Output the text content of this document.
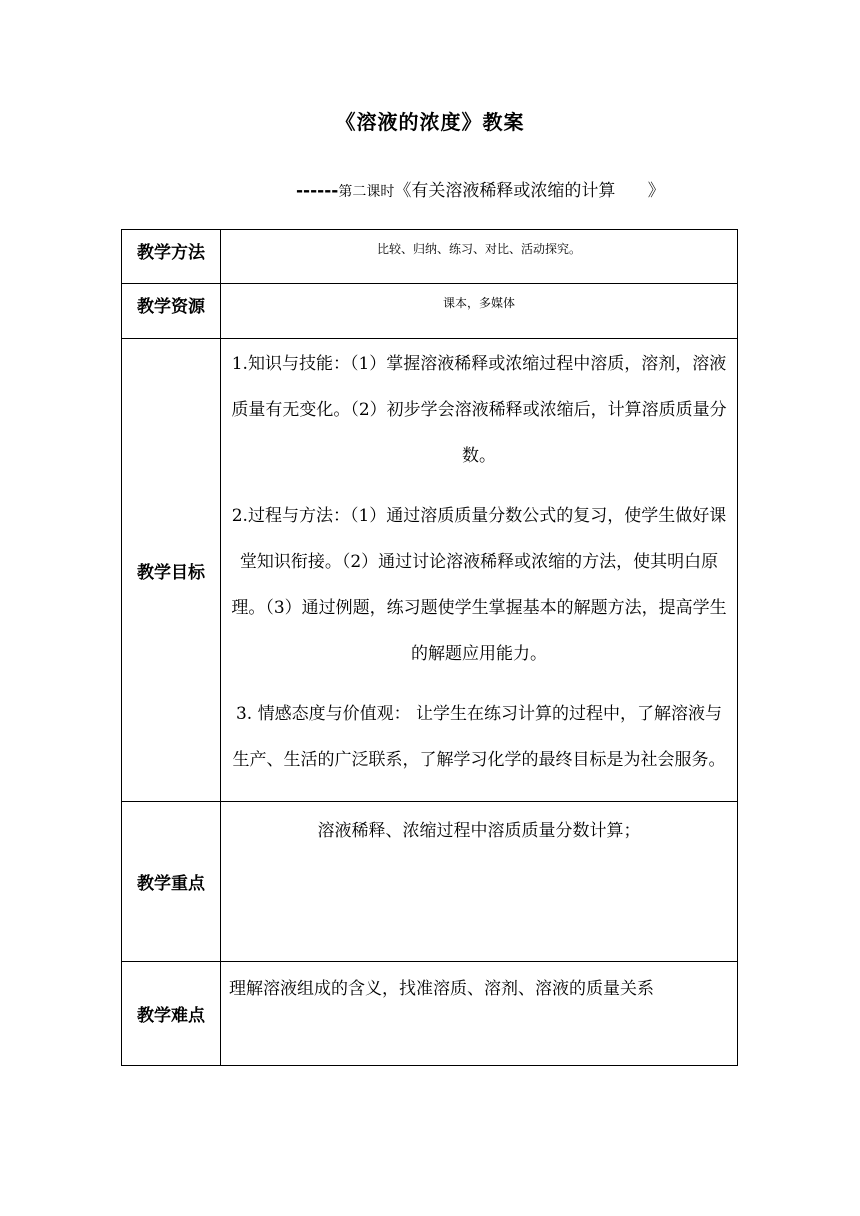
《溶液的浓度》教案
------第二课时《有关溶液稀释或浓缩的计算      》
教学方法	比较、归纳、练习、对比、活动探究。

教学资源	课本，多媒体

教学目标	1.知识与技能：（1）掌握溶液稀释或浓缩过程中溶质，溶剂，溶液质量有无变化。（2）初步学会溶液稀释或浓缩后，计算溶质质量分数。

2.过程与方法：（1）通过溶质质量分数公式的复习，使学生做好课堂知识衔接。（2）通过讨论溶液稀释或浓缩的方法，使其明白原理。（3）通过例题，练习题使学生掌握基本的解题方法，提高学生的解题应用能力。

3. 情感态度与价值观： 让学生在练习计算的过程中，了解溶液与生产、生活的广泛联系，了解学习化学的最终目标是为社会服务。

教学重点	溶液稀释、浓缩过程中溶质质量分数计算；

教学难点	理解溶液组成的含义，找准溶质、溶剂、溶液的质量关系
